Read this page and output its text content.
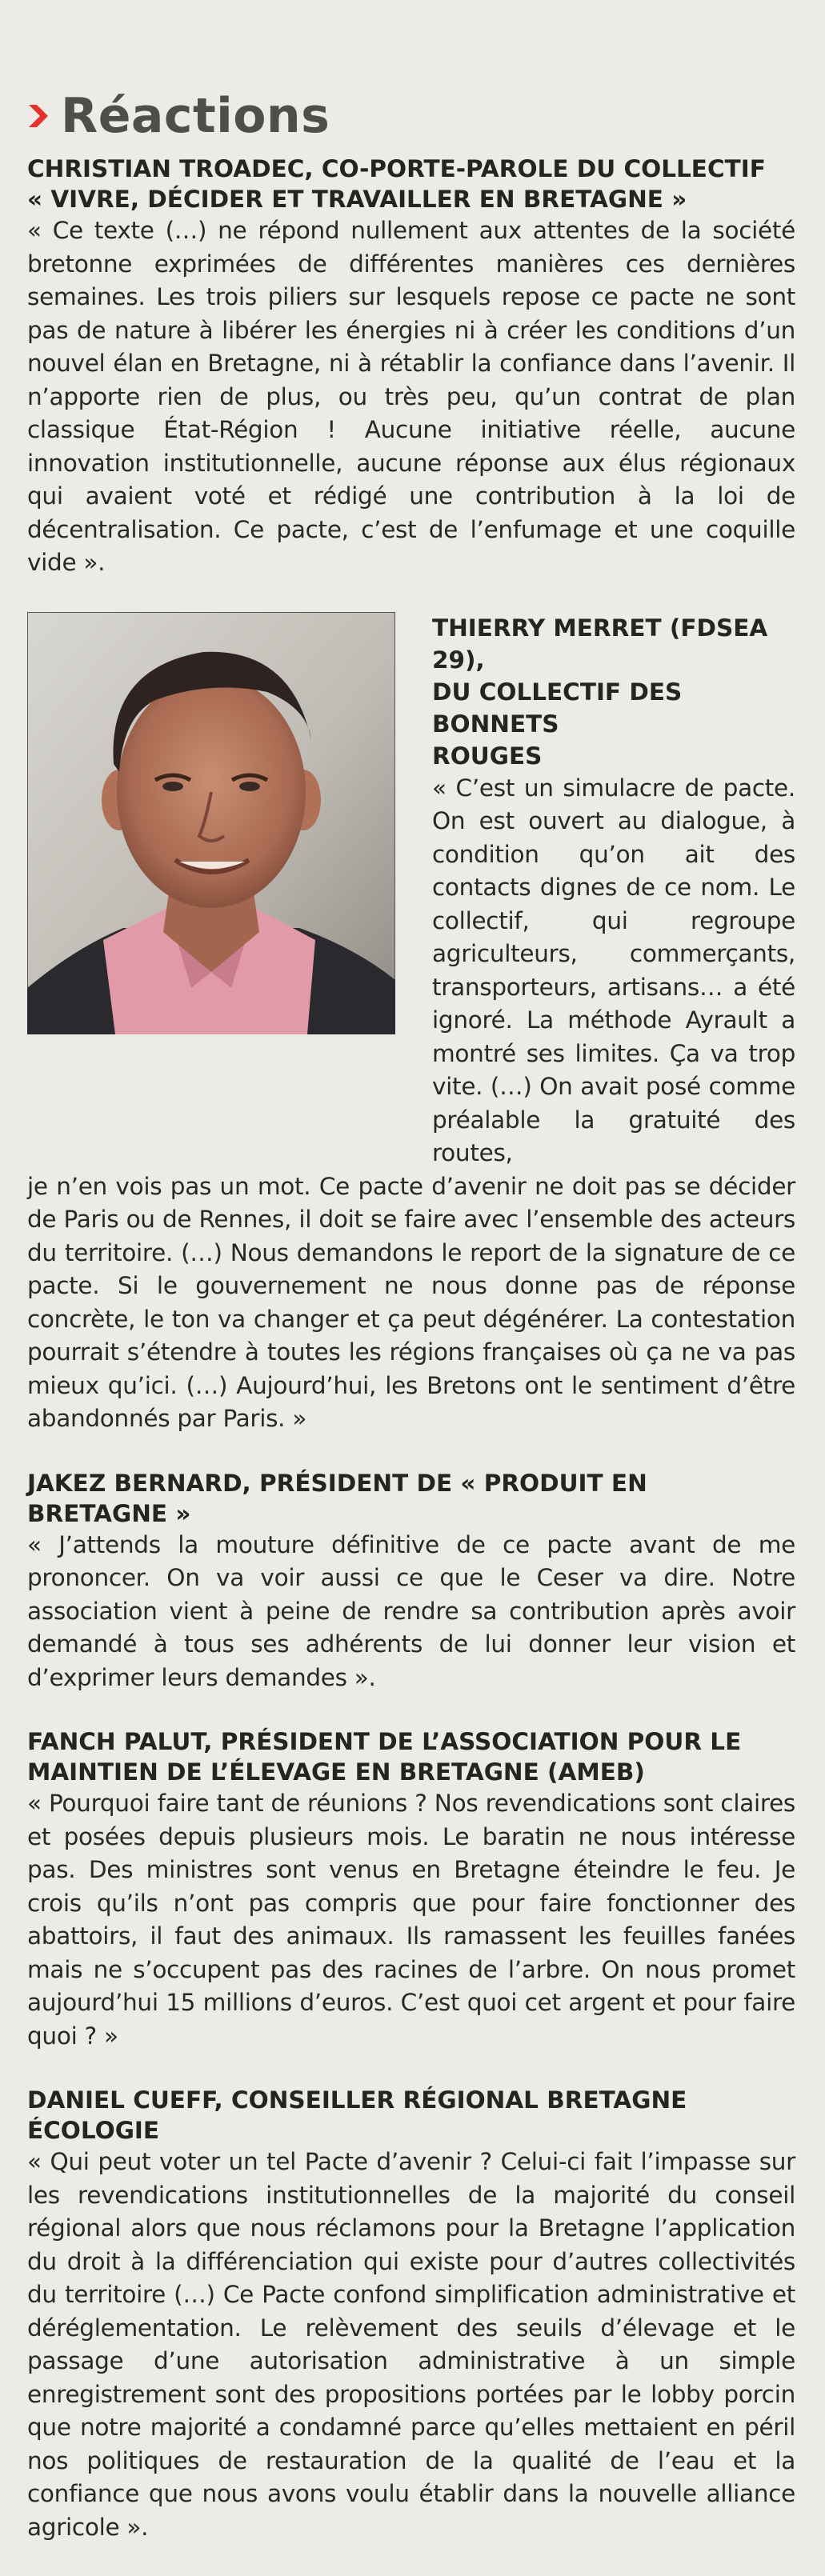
Réactions

CHRISTIAN TROADEC, CO-PORTE-PAROLE DU COLLECTIF

« VIVRE, DÉCIDER ET TRAVAILLER EN BRETAGNE »

« Ce texte (…) ne répond nullement aux attentes de la société bretonne exprimées de différentes manières ces dernières semaines. Les trois piliers sur lesquels repose ce pacte ne sont pas de nature à libérer les énergies ni à créer les conditions d’un nouvel élan en Bretagne, ni à rétablir la confiance dans l’avenir. Il n’apporte rien de plus, ou très peu, qu’un contrat de plan classique État-Région ! Aucune initiative réelle, aucune innovation institutionnelle, aucune réponse aux élus régionaux qui avaient voté et rédigé une contribution à la loi de décentralisation. Ce pacte, c’est de l’enfumage et une coquille vide ».

THIERRY MERRET (FDSEA 29),

DU COLLECTIF DES BONNETS

ROUGES

« C’est un simulacre de pacte. On est ouvert au dialogue, à condition qu’on ait des contacts dignes de ce nom. Le collectif, qui regroupe agriculteurs, commerçants, transporteurs, artisans… a été ignoré. La méthode Ayrault a montré ses limites. Ça va trop vite. (…) On avait posé comme préalable la gratuité des routes,

je n’en vois pas un mot. Ce pacte d’avenir ne doit pas se décider de Paris ou de Rennes, il doit se faire avec l’ensemble des acteurs du territoire. (…) Nous demandons le report de la signature de ce pacte. Si le gouvernement ne nous donne pas de réponse concrète, le ton va changer et ça peut dégénérer. La contestation pourrait s’étendre à toutes les régions françaises où ça ne va pas mieux qu’ici. (…) Aujourd’hui, les Bretons ont le sentiment d’être abandonnés par Paris. »

JAKEZ BERNARD, PRÉSIDENT DE « PRODUIT EN BRETAGNE »

« J’attends la mouture définitive de ce pacte avant de me prononcer. On va voir aussi ce que le Ceser va dire. Notre association vient à peine de rendre sa contribution après avoir demandé à tous ses adhérents de lui donner leur vision et d’exprimer leurs demandes ».

FANCH PALUT, PRÉSIDENT DE L’ASSOCIATION POUR LE

MAINTIEN DE L’ÉLEVAGE EN BRETAGNE (AMEB)

« Pourquoi faire tant de réunions ? Nos revendications sont claires et posées depuis plusieurs mois. Le baratin ne nous intéresse pas. Des ministres sont venus en Bretagne éteindre le feu. Je crois qu’ils n’ont pas compris que pour faire fonctionner des abattoirs, il faut des animaux. Ils ramassent les feuilles fanées mais ne s’occupent pas des racines de l’arbre. On nous promet aujourd’hui 15 millions d’euros. C’est quoi cet argent et pour faire quoi ? »

DANIEL CUEFF, CONSEILLER RÉGIONAL BRETAGNE ÉCOLOGIE

« Qui peut voter un tel Pacte d’avenir ? Celui-ci fait l’impasse sur les revendications institutionnelles de la majorité du conseil régional alors que nous réclamons pour la Bretagne l’application du droit à la différenciation qui existe pour d’autres collectivités du territoire (…) Ce Pacte confond simplification administrative et déréglementation. Le relèvement des seuils d’élevage et le passage d’une autorisation administrative à un simple enregistrement sont des propositions portées par le lobby porcin que notre majorité a condamné parce qu’elles mettaient en péril nos politiques de restauration de la qualité de l’eau et la confiance que nous avons voulu établir dans la nouvelle alliance agricole ».
